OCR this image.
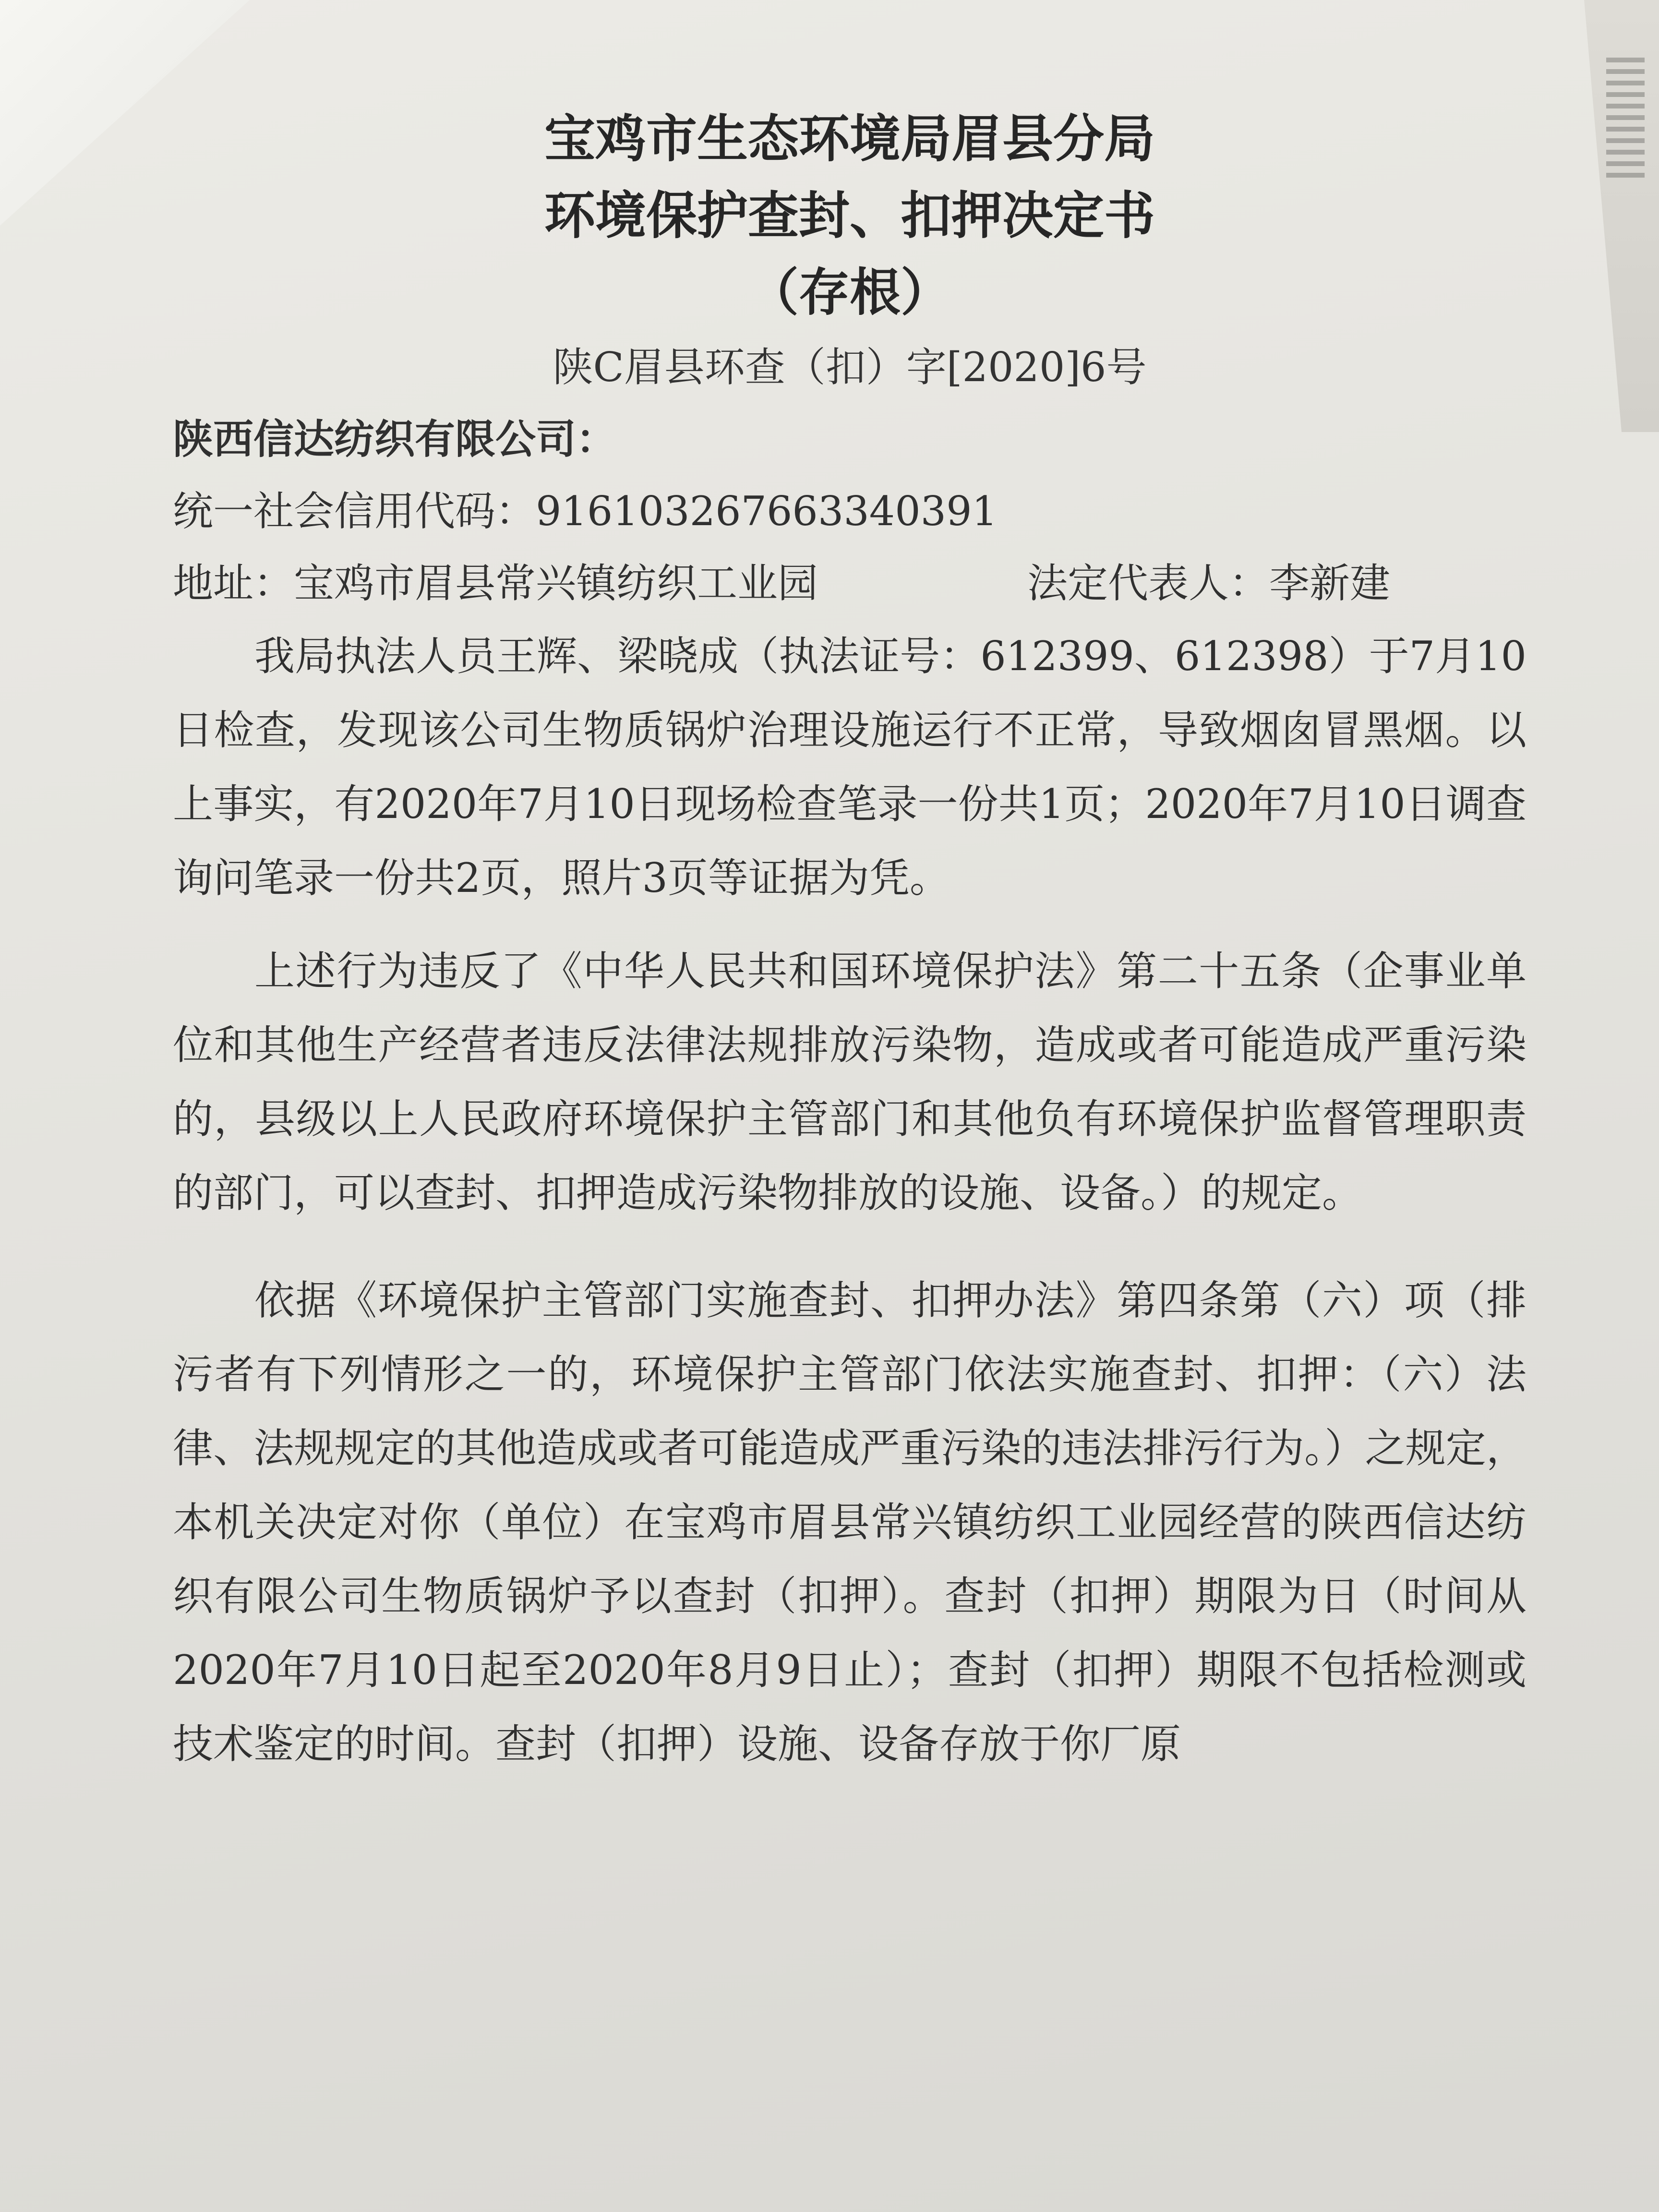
宝鸡市生态环境局眉县分局
环境保护查封、扣押决定书
（存根）
陕C眉县环查（扣）字[2020]6号
陕西信达纺织有限公司：
统一社会信用代码：916103267663340391
地址：宝鸡市眉县常兴镇纺织工业园	法定代表人：李新建

我局执法人员王辉、梁晓成（执法证号：612399、612398）于7月10日检查，发现该公司生物质锅炉治理设施运行不正常，导致烟囱冒黑烟。以上事实，有2020年7月10日现场检查笔录一份共1页；2020年7月10日调查询问笔录一份共2页，照片3页等证据为凭。

上述行为违反了《中华人民共和国环境保护法》第二十五条（企事业单位和其他生产经营者违反法律法规排放污染物，造成或者可能造成严重污染的，县级以上人民政府环境保护主管部门和其他负有环境保护监督管理职责的部门，可以查封、扣押造成污染物排放的设施、设备。）的规定。

依据《环境保护主管部门实施查封、扣押办法》第四条第（六）项（排污者有下列情形之一的，环境保护主管部门依法实施查封、扣押：（六）法律、法规规定的其他造成或者可能造成严重污染的违法排污行为。）之规定，本机关决定对你（单位）在宝鸡市眉县常兴镇纺织工业园经营的陕西信达纺织有限公司生物质锅炉予以查封（扣押）。查封（扣押）期限为日（时间从2020年7月10日起至2020年8月9日止）；查封（扣押）期限不包括检测或技术鉴定的时间。查封（扣押）设施、设备存放于你厂原
